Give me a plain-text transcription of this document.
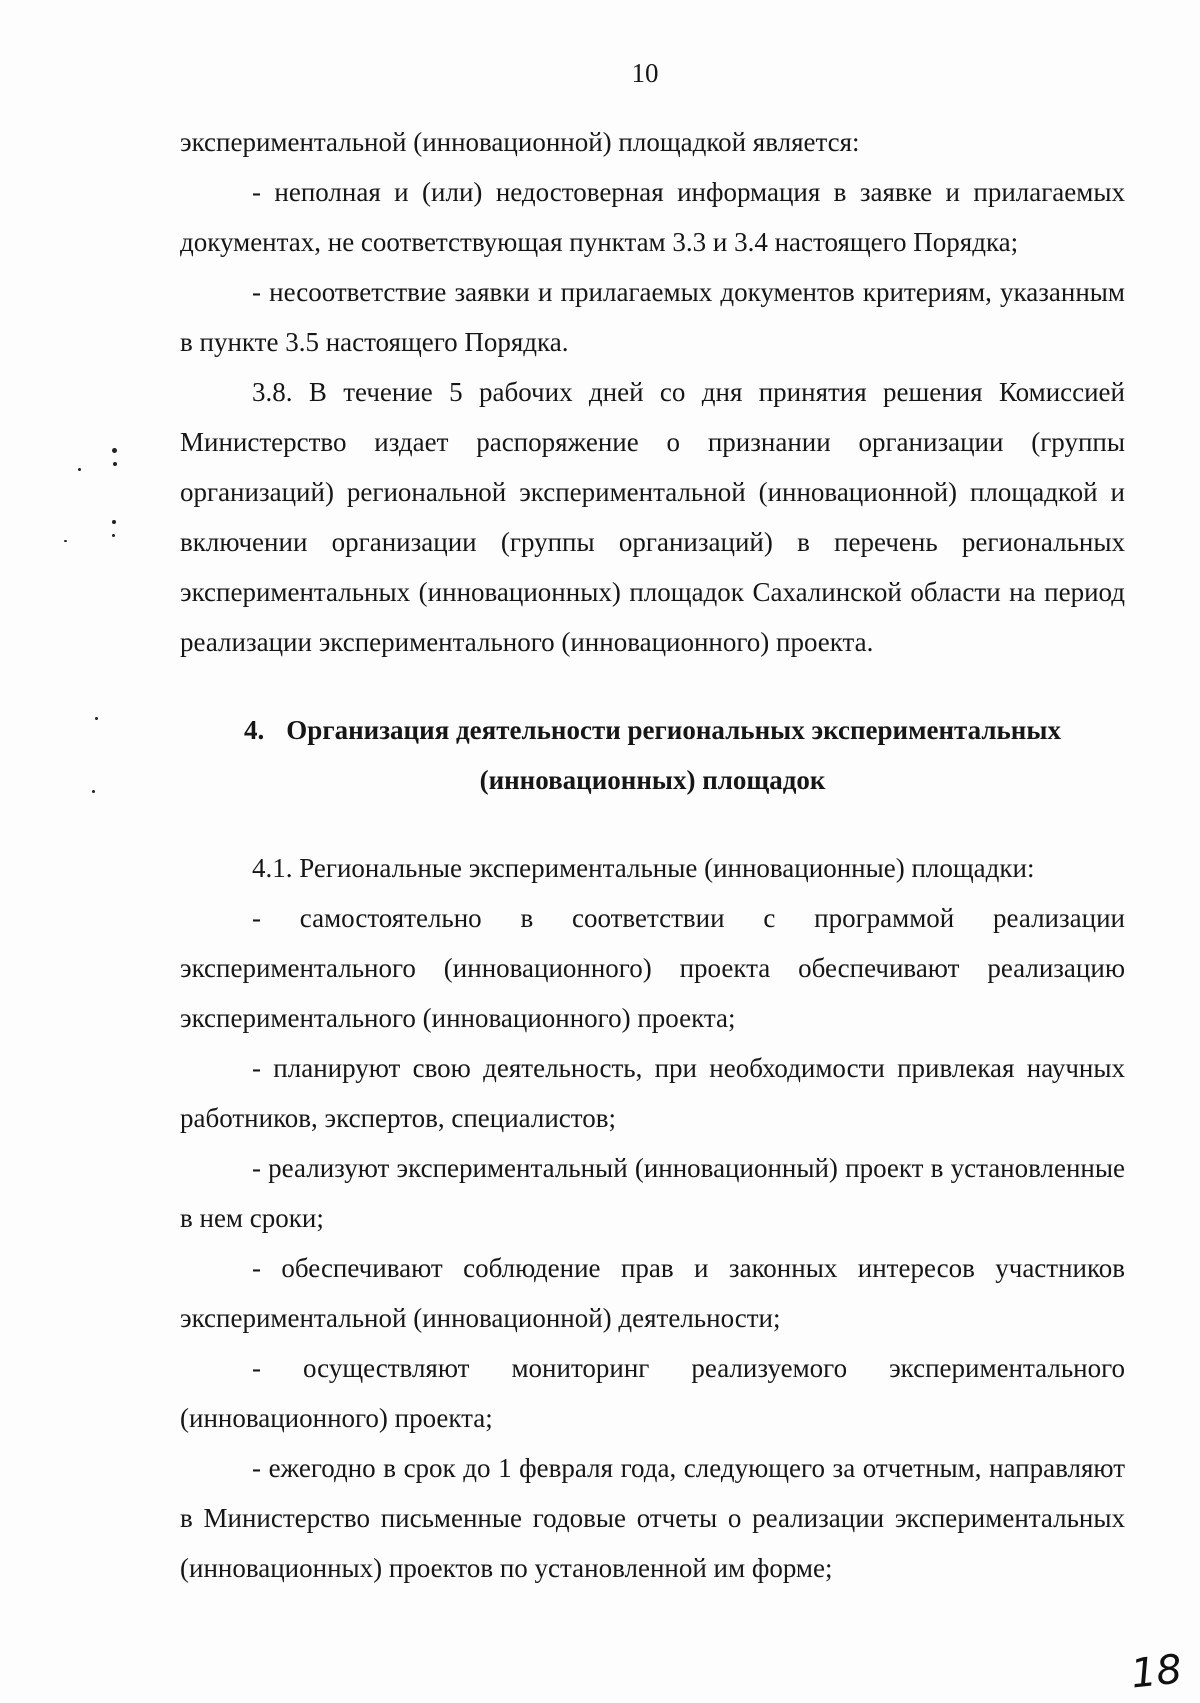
10

экспериментальной (инновационной) площадкой является:

- неполная и (или) недостоверная информация в заявке и прилагаемых документах, не соответствующая пунктам 3.3 и 3.4 настоящего Порядка;

- несоответствие заявки и прилагаемых документов критериям, указанным в пункте 3.5 настоящего Порядка.

3.8. В течение 5 рабочих дней со дня принятия решения Комиссией Министерство издает распоряжение о признании организации (группы организаций) региональной экспериментальной (инновационной) площадкой и включении организации (группы организаций) в перечень региональных экспериментальных (инновационных) площадок Сахалинской области на период реализации экспериментального (инновационного) проекта.

4. Организация деятельности региональных экспериментальных
(инновационных) площадок

4.1. Региональные экспериментальные (инновационные) площадки:

- самостоятельно в соответствии с программой реализации экспериментального (инновационного) проекта обеспечивают реализацию экспериментального (инновационного) проекта;

- планируют свою деятельность, при необходимости привлекая научных работников, экспертов, специалистов;

- реализуют экспериментальный (инновационный) проект в установленные в нем сроки;

- обеспечивают соблюдение прав и законных интересов участников экспериментальной (инновационной) деятельности;

- осуществляют мониторинг реализуемого экспериментального (инновационного) проекта;

- ежегодно в срок до 1 февраля года, следующего за отчетным, направляют в Министерство письменные годовые отчеты о реализации экспериментальных (инновационных) проектов по установленной им форме;

18
